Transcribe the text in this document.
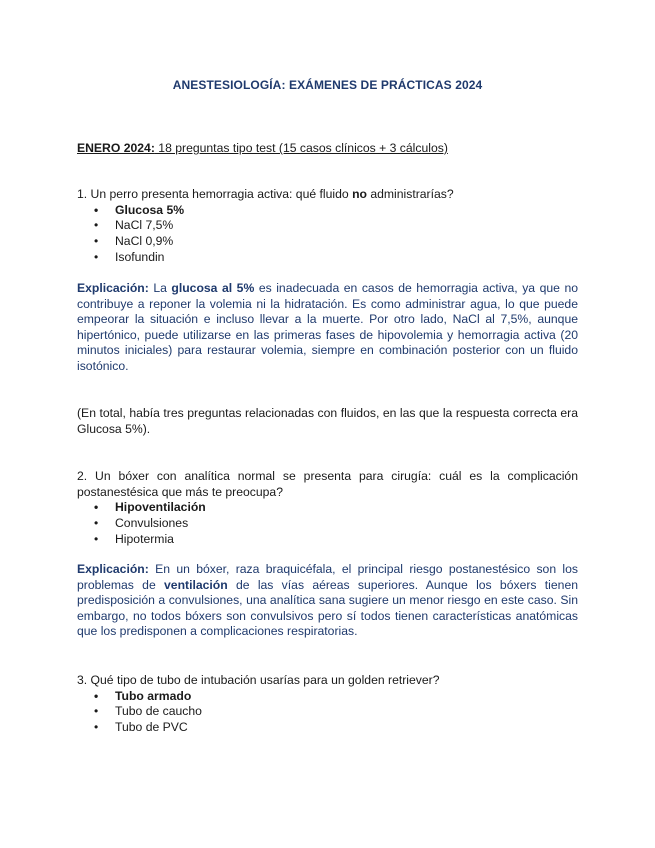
ANESTESIOLOGÍA: EXÁMENES DE PRÁCTICAS 2024
ENERO 2024: 18 preguntas tipo test (15 casos clínicos + 3 cálculos)
1. Un perro presenta hemorragia activa: qué fluido no administrarías?
• Glucosa 5%
• NaCl 7,5%
• NaCl 0,9%
• Isofundin
Explicación: La glucosa al 5% es inadecuada en casos de hemorragia activa, ya que no contribuye a reponer la volemia ni la hidratación. Es como administrar agua, lo que puede empeorar la situación e incluso llevar a la muerte. Por otro lado, NaCl al 7,5%, aunque hipertónico, puede utilizarse en las primeras fases de hipovolemia y hemorragia activa (20 minutos iniciales) para restaurar volemia, siempre en combinación posterior con un fluido isotónico.
(En total, había tres preguntas relacionadas con fluidos, en las que la respuesta correcta era Glucosa 5%).
2. Un bóxer con analítica normal se presenta para cirugía: cuál es la complicación postanestésica que más te preocupa?
• Hipoventilación
• Convulsiones
• Hipotermia
Explicación: En un bóxer, raza braquicéfala, el principal riesgo postanestésico son los problemas de ventilación de las vías aéreas superiores. Aunque los bóxers tienen predisposición a convulsiones, una analítica sana sugiere un menor riesgo en este caso. Sin embargo, no todos bóxers son convulsivos pero sí todos tienen características anatómicas que los predisponen a complicaciones respiratorias.
3. Qué tipo de tubo de intubación usarías para un golden retriever?
• Tubo armado
• Tubo de caucho
• Tubo de PVC
